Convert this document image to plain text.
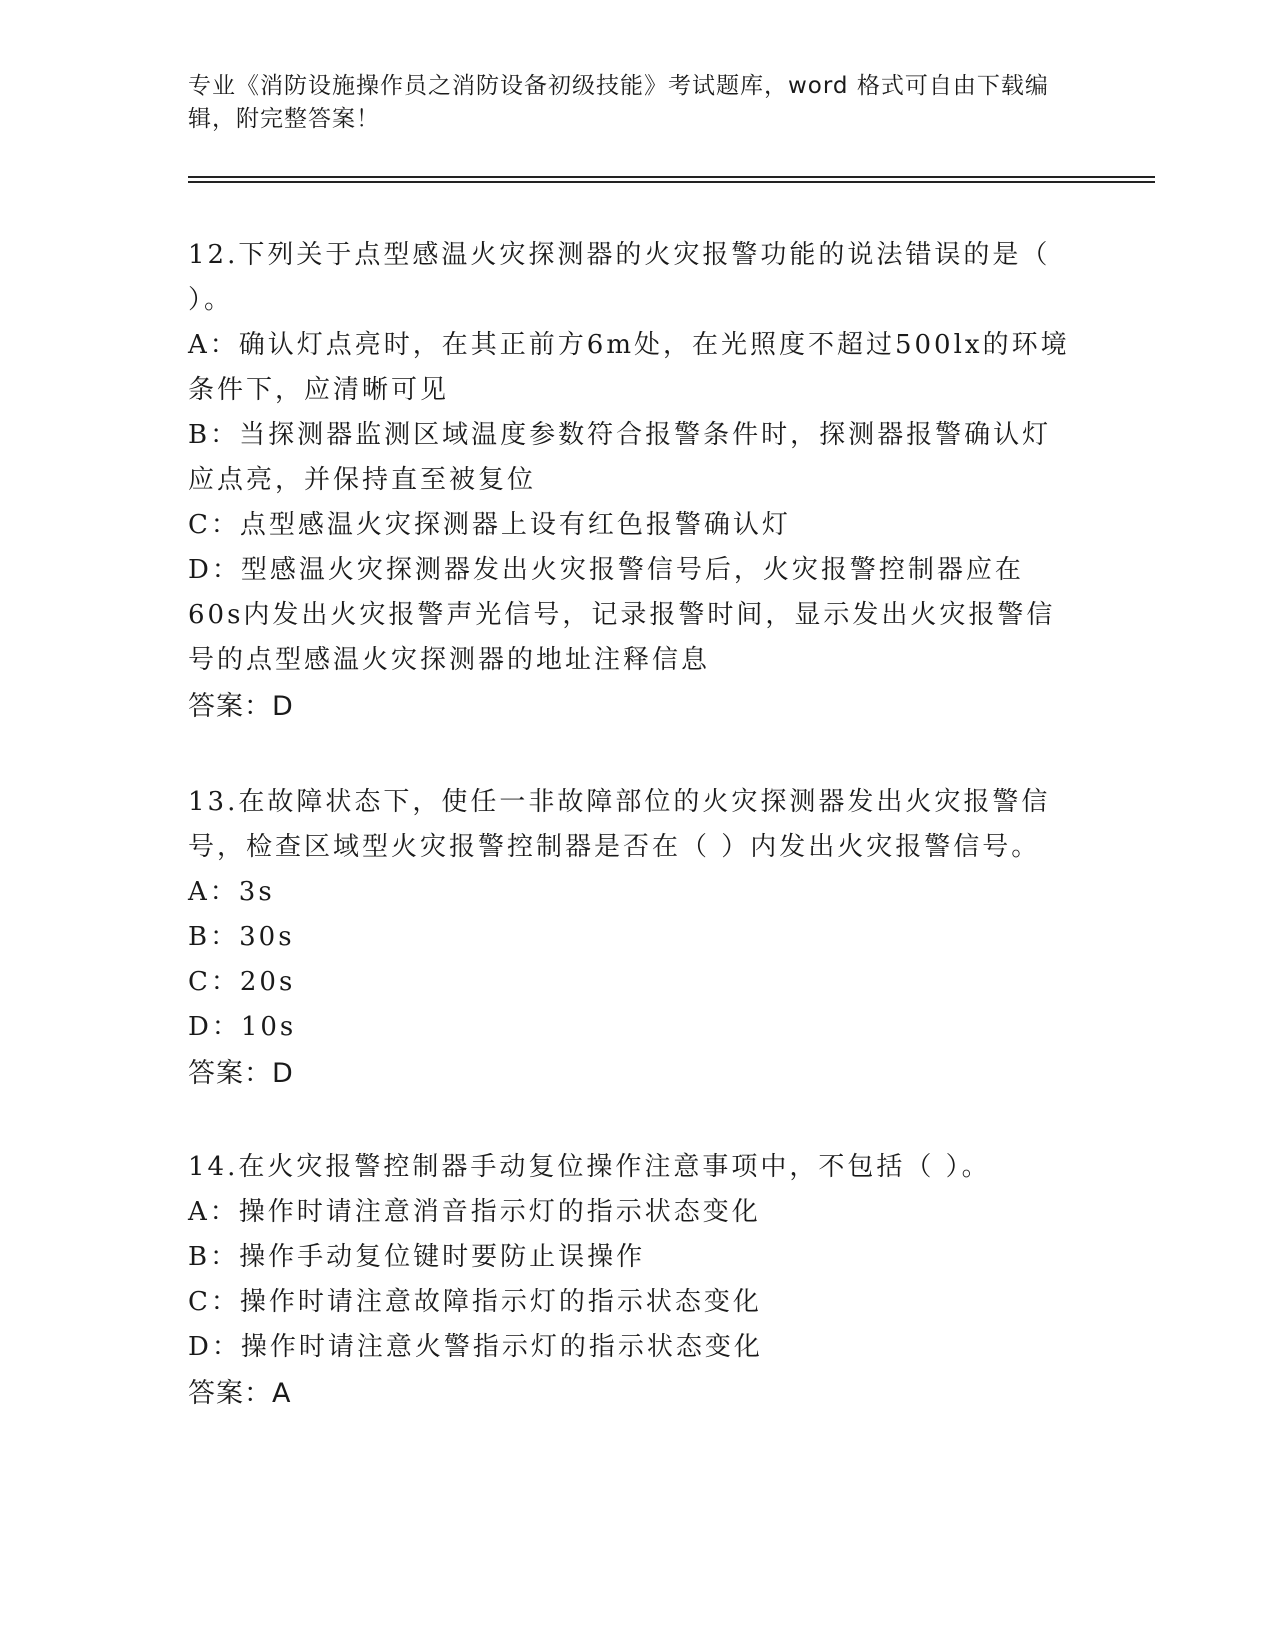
专业《消防设施操作员之消防设备初级技能》考试题库，word 格式可自由下载编辑，附完整答案！

12.下列关于点型感温火灾探测器的火灾报警功能的说法错误的是（ ）。

A：确认灯点亮时，在其正前方6m处，在光照度不超过500lx的环境条件下，应清晰可见

B：当探测器监测区域温度参数符合报警条件时，探测器报警确认灯应点亮，并保持直至被复位

C：点型感温火灾探测器上设有红色报警确认灯

D：型感温火灾探测器发出火灾报警信号后，火灾报警控制器应在60s内发出火灾报警声光信号，记录报警时间，显示发出火灾报警信号的点型感温火灾探测器的地址注释信息

答案：D

13.在故障状态下，使任一非故障部位的火灾探测器发出火灾报警信号，检查区域型火灾报警控制器是否在（ ）内发出火灾报警信号。

A：3s

B：30s

C：20s

D：10s

答案：D

14.在火灾报警控制器手动复位操作注意事项中，不包括（ ）。

A：操作时请注意消音指示灯的指示状态变化

B：操作手动复位键时要防止误操作

C：操作时请注意故障指示灯的指示状态变化

D：操作时请注意火警指示灯的指示状态变化

答案：A
